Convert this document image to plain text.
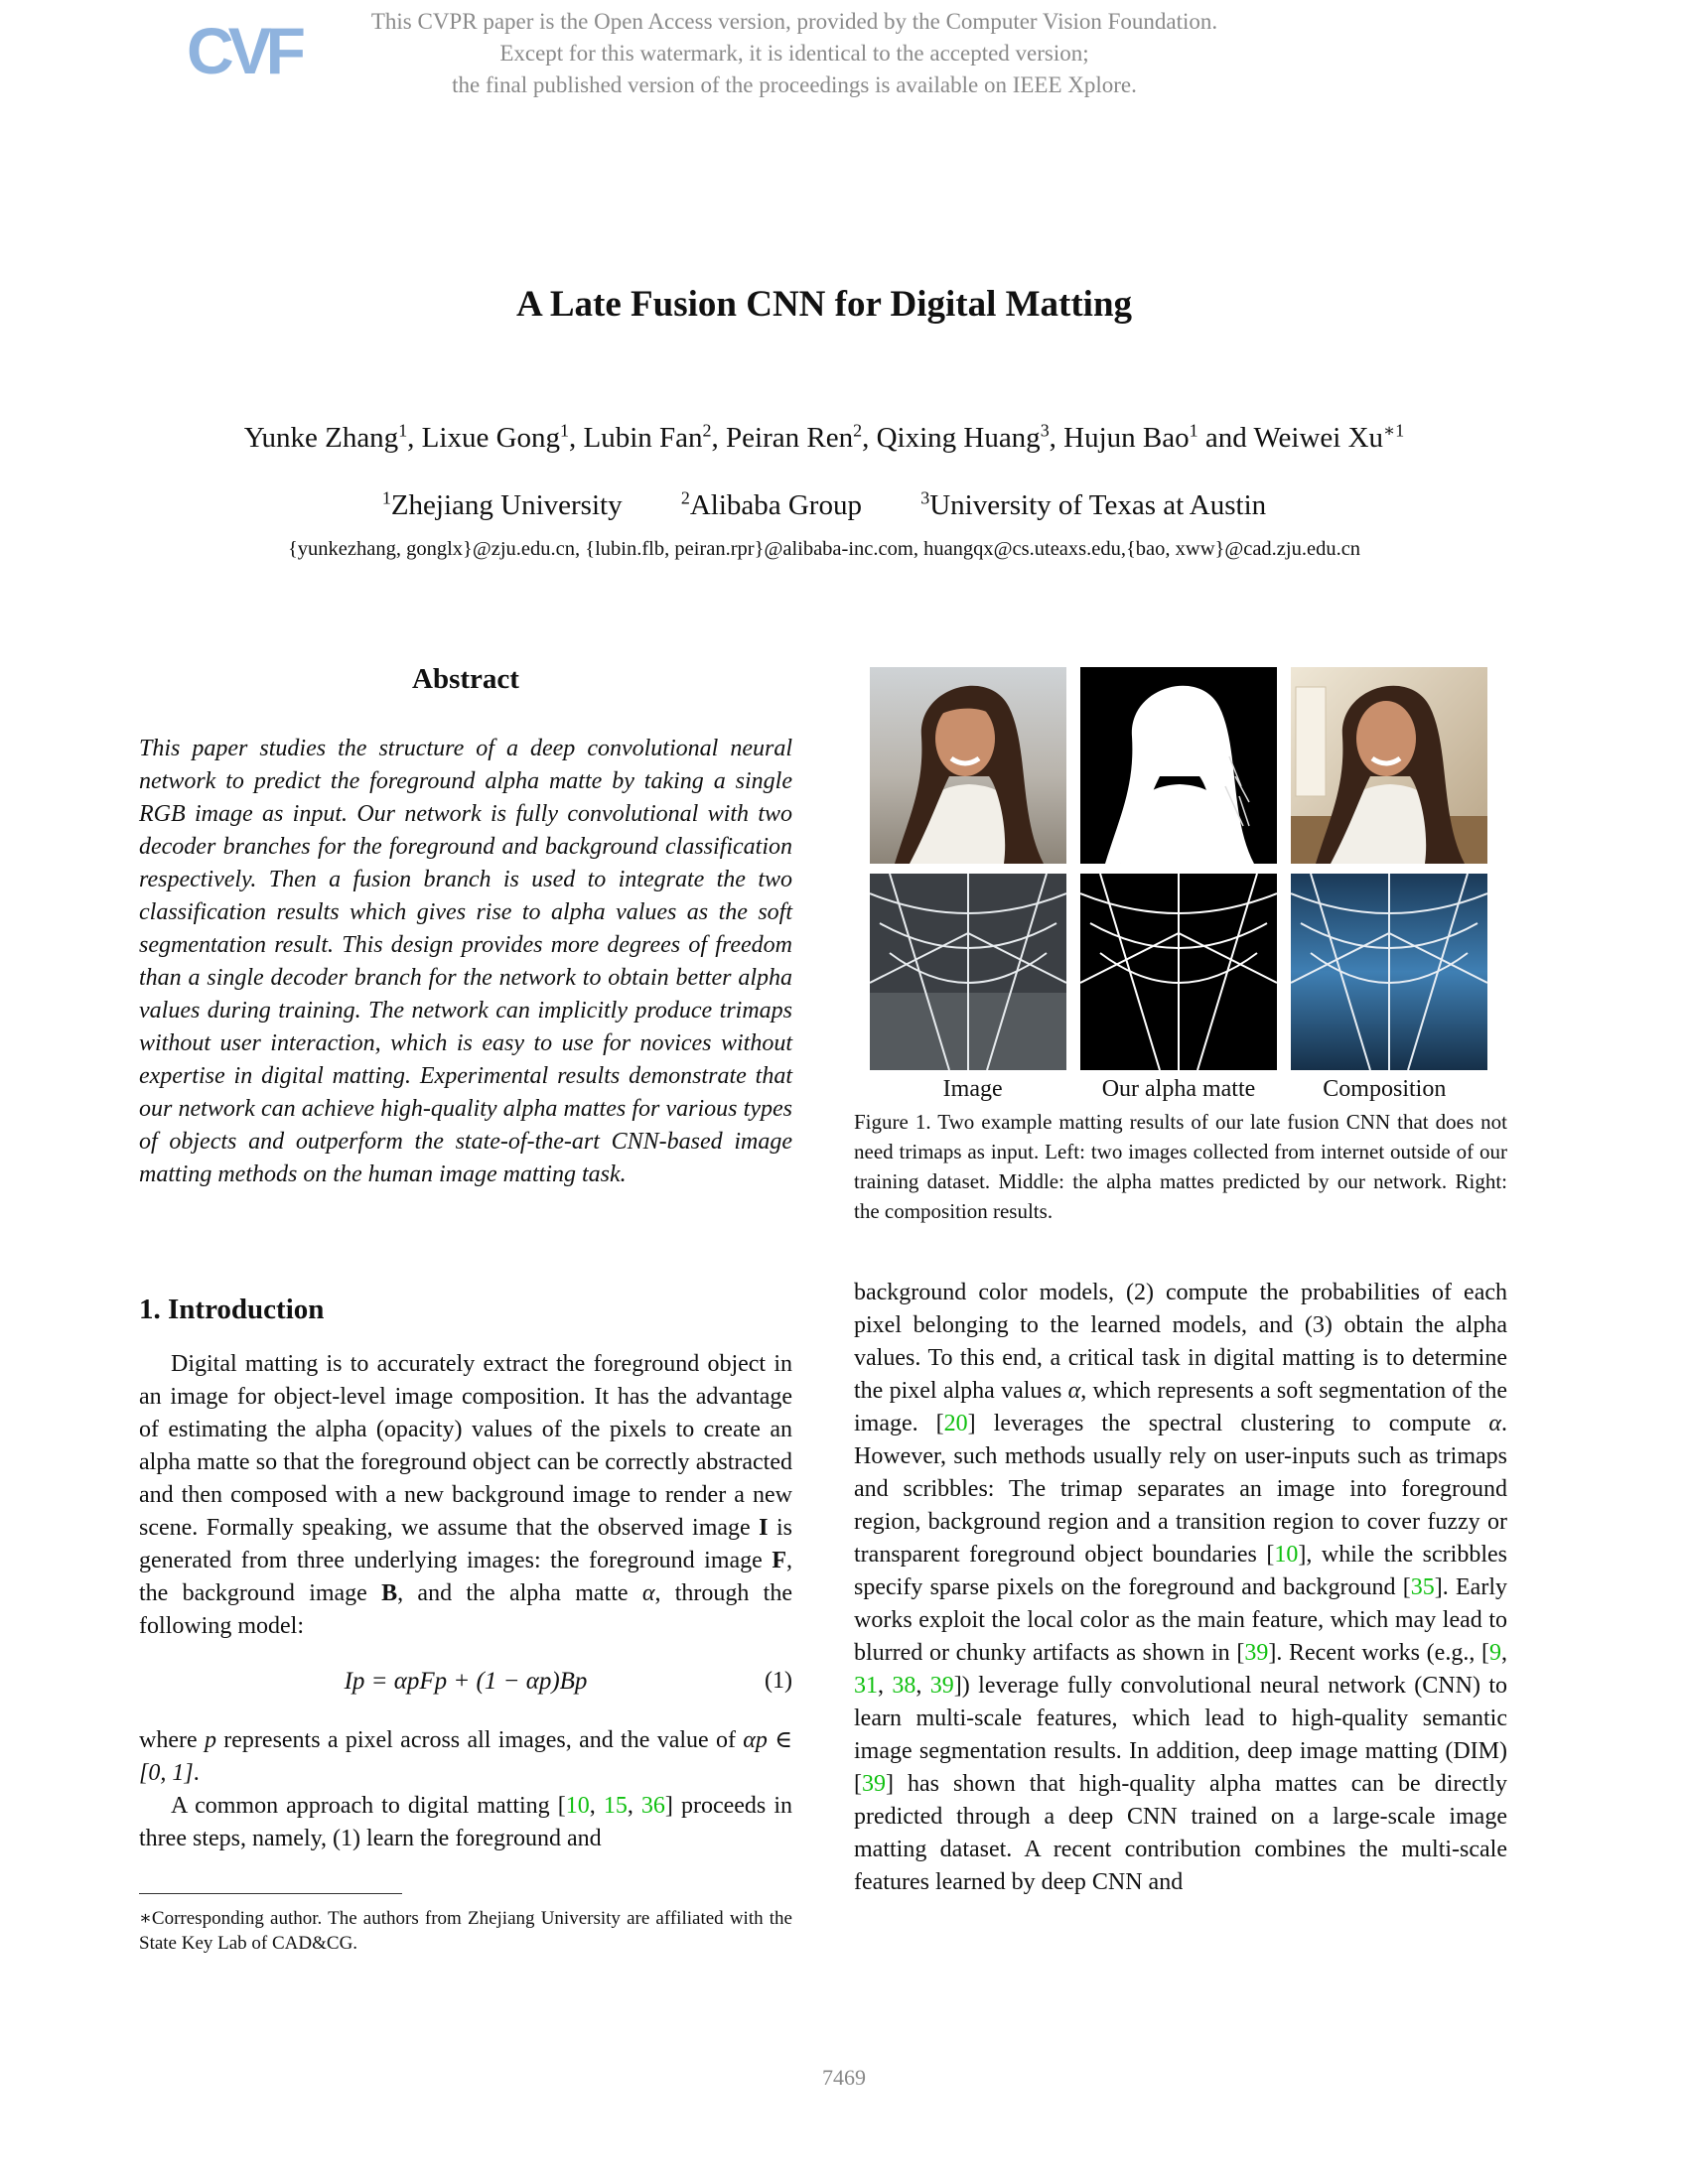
CVF	This CVPR paper is the Open Access version, provided by the Computer Vision Foundation.
Except for this watermark, it is identical to the accepted version;
the final published version of the proceedings is available on IEEE Xplore.
A Late Fusion CNN for Digital Matting
Yunke Zhang$^1$, Lixue Gong$^1$, Lubin Fan$^2$, Peiran Ren$^2$, Qixing Huang$^3$, Hujun Bao$^1$ and Weiwei $Xu^{∗1}$
$^1$Zhejiang University	$^2$Alibaba Group	$^3$University of Texas at Austin
{yunkezhang, gonglx}@zju.edu.cn, {lubin.flb, peiran.rpr}@alibaba-inc.com, huangqx@cs.uteaxs.edu,{bao, xww}@cad.zju.edu.cn
Abstract
This paper studies the structure of a deep convolutional neural network to predict the foreground alpha matte by taking a single RGB image as input. Our network is fully convolutional with two decoder branches for the foreground and background classification respectively. Then a fusion branch is used to integrate the two classification results which gives rise to alpha values as the soft segmentation result. This design provides more degrees of freedom than a single decoder branch for the network to obtain better alpha values during training. The network can implicitly produce trimaps without user interaction, which is easy to use for novices without expertise in digital matting. Experimental results demonstrate that our network can achieve high-quality alpha mattes for various types of objects and outperform the state-of-the-art CNN-based image matting methods on the human image matting task.
1. Introduction

Digital matting is to accurately extract the foreground object in an image for object-level image composition. It has the advantage of estimating the alpha (opacity) values of the pixels to create an alpha matte so that the foreground object can be correctly abstracted and then composed with a new background image to render a new scene. Formally speaking, we assume that the observed image I is generated from three underlying images: the foreground image F, the background image B, and the alpha matte α, through the following model:

Ip = αpFp + (1 − αp)Bp	(1)

where p represents a pixel across all images, and the value of αp ∈ [0, 1].

A common approach to digital matting [10, 15, 36] proceeds in three steps, namely, (1) learn the foreground and

∗Corresponding author. The authors from Zhejiang University are affiliated with the State Key Lab of CAD&CG.
Image	Our alpha matte	Composition
Figure 1. Two example matting results of our late fusion CNN that does not need trimaps as input. Left: two images collected from internet outside of our training dataset. Middle: the alpha mattes predicted by our network. Right: the composition results.

background color models, (2) compute the probabilities of each pixel belonging to the learned models, and (3) obtain the alpha values. To this end, a critical task in digital matting is to determine the pixel alpha values α, which represents a soft segmentation of the image. [20] leverages the spectral clustering to compute α. However, such methods usually rely on user-inputs such as trimaps and scribbles: The trimap separates an image into foreground region, background region and a transition region to cover fuzzy or transparent foreground object boundaries [10], while the scribbles specify sparse pixels on the foreground and background [35]. Early works exploit the local color as the main feature, which may lead to blurred or chunky artifacts as shown in [39]. Recent works (e.g., [9, 31, 38, 39]) leverage fully convolutional neural network (CNN) to learn multi-scale features, which lead to high-quality semantic image segmentation results. In addition, deep image matting (DIM) [39] has shown that high-quality alpha mattes can be directly predicted through a deep CNN trained on a large-scale image matting dataset. A recent contribution combines the multi-scale features learned by deep CNN and

7469
